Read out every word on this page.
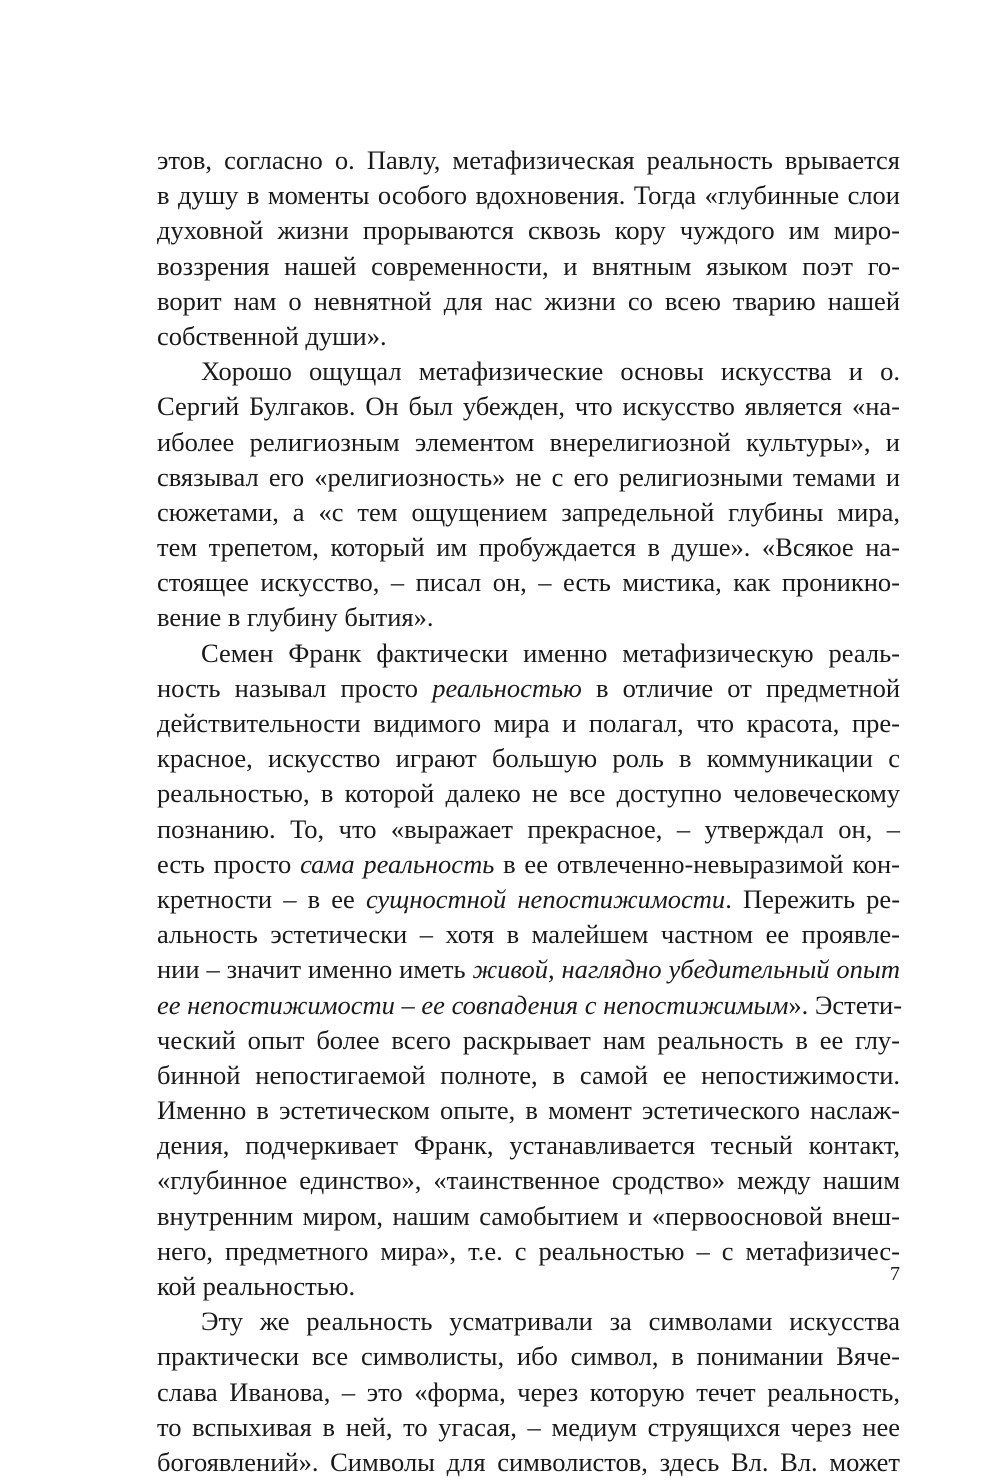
этов, согласно о. Павлу, метафизическая реальность врывается
в душу в моменты особого вдохновения. Тогда «глубинные слои
духовной жизни прорываются сквозь кору чуждого им миро-
воззрения нашей современности, и внятным языком поэт го-
ворит нам о невнятной для нас жизни со всею тварию нашей
собственной души».
Хорошо ощущал метафизические основы искусства и о.
Сергий Булгаков. Он был убежден, что искусство является «на-
иболее религиозным элементом внерелигиозной культуры», и
связывал его «религиозность» не с его религиозными темами и
сюжетами, а «с тем ощущением запредельной глубины мира,
тем трепетом, который им пробуждается в душе». «Всякое на-
стоящее искусство, – писал он, – есть мистика, как проникно-
вение в глубину бытия».
Семен Франк фактически именно метафизическую реаль-
ность называл просто реальностью в отличие от предметной
действительности видимого мира и полагал, что красота, пре-
красное, искусство играют большую роль в коммуникации с
реальностью, в которой далеко не все доступно человеческому
познанию. То, что «выражает прекрасное, – утверждал он, –
есть просто сама реальность в ее отвлеченно-невыразимой кон-
кретности – в ее сущностной непостижимости. Пережить ре-
альность эстетически – хотя в малейшем частном ее проявле-
нии – значит именно иметь живой, наглядно убедительный опыт
ее непостижимости – ее совпадения с непостижимым». Эстети-
ческий опыт более всего раскрывает нам реальность в ее глу-
бинной непостигаемой полноте, в самой ее непостижимости.
Именно в эстетическом опыте, в момент эстетического наслаж-
дения, подчеркивает Франк, устанавливается тесный контакт,
«глубинное единство», «таинственное сродство» между нашим
внутренним миром, нашим самобытием и «первоосновой внеш-
него, предметного мира», т.е. с реальностью – с метафизичес-
кой реальностью.
Эту же реальность усматривали за символами искусства
практически все символисты, ибо символ, в понимании Вяче-
слава Иванова, – это «форма, через которую течет реальность,
то вспыхивая в ней, то угасая, – медиум струящихся через нее
богоявлений». Символы для символистов, здесь Вл. Вл. может
7
